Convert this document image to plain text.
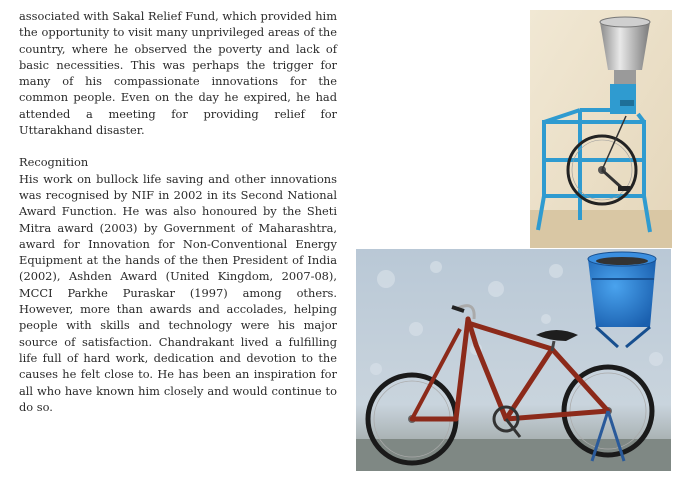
associated with Sakal Relief Fund, which provided him the opportunity to visit many unprivileged areas of the country, where he observed the poverty and lack of basic necessities. This was perhaps the trigger for many of his compassionate innovations for the common people. Even on the day he expired, he had attended a meeting for providing relief for Uttarakhand disaster.

Recognition

His work on bullock life saving and other innovations was recognised by NIF in 2002 in its Second National Award Function. He was also honoured by the Sheti Mitra award (2003) by Government of Maharashtra, award for Innovation for Non-Conventional Energy Equipment at the hands of the then President of India (2002), Ashden Award (United Kingdom, 2007-08), MCCI Parkhe Puraskar (1997) among others. However, more than awards and accolades, helping people with skills and technology were his major source of satisfaction. Chandrakant lived a fulfilling life full of hard work, dedication and devotion to the causes he felt close to. He has been an inspiration for all who have known him closely and would continue to do so.
